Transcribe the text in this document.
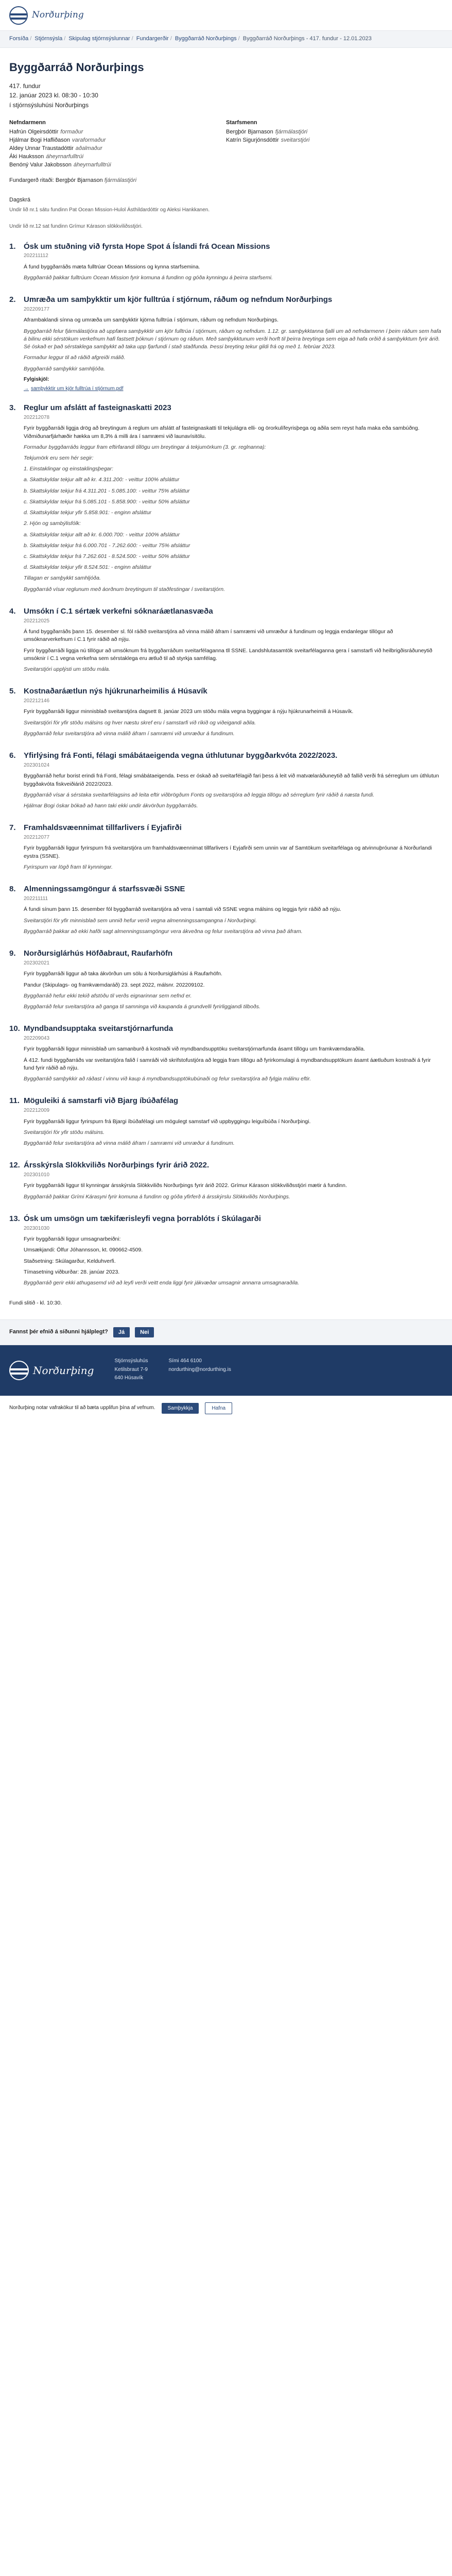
Norðurþing
Forsíða / Stjórnsýsla / Skipulag stjórnsýslunnar / Fundargerðir / Byggðarráð Norðurþings / Byggðarráð Norðurþings - 417. fundur - 12.01.2023
Byggðarráð Norðurþings
417. fundur
12. janúar 2023 kl. 08:30 - 10:30
í stjórnsýsluhúsi Norðurþings
Nefndarmenn
Hafrún Olgeirsdóttir formaður
Hjálmar Bogi Hafliðason varaformaður
Aldey Unnar Traustadóttir aðalmaður
Áki Hauksson áheyrnarfulltrúi
Benóný Valur Jakobsson áheyrnarfulltrúi
Starfsmenn
Bergþór Bjarnason fjármálastjóri
Katrín Sigurjónsdóttir sveitarstjóri
Fundargerð ritaði: Bergþór Bjarnason fjármálastjóri
Dagskrá
Undir lið nr.1 sátu fundinn Pat Ocean Mission-Hulol Ásthildardóttir og Aleksi Hankkanen.
Undir lið nr.12 sat fundinn Grímur Kárason slökkviliðsstjóri.
1.	Ósk um stuðning við fyrsta Hope Spot á Íslandi frá Ocean Missions
202211112
Á fund byggðarráðs mæta fulltrúar Ocean Missions og kynna starfsemina.
Byggðarráð þakkar fulltrúum Ocean Mission fyrir komuna á fundinn og góða kynningu á þeirra starfsemi.
2.	Umræða um samþykktir um kjör fulltrúa í stjórnum, ráðum og nefndum Norðurþings
202209177
Aframbaklandi sínna og umræða um samþykktir kjörna fulltrúa í stjórnum, ráðum og nefndum Norðurþings.
Byggðarráð felur fjármálastjóra að uppfæra samþykktir um kjör fulltrúa í stjórnum, ráðum og nefndum. 1.12. gr. samþykktanna fjalli um að nefndarmenn í þeim ráðum sem hafa á bilinu ekki sérstökum verkefnum hafi fastsett þóknun í stjórnum og ráðum. Með samþykktunum verði horft til þeirra breytinga sem eiga að hafa orðið á samþykktum fyrir árið. Sé óskað er það sérstaklega samþykkt að taka upp fjarfundi í stað staðfunda. Þessi breyting tekur gildi frá og með 1. febrúar 2023.
Formaður leggur til að ráðið afgreiði málið.
Byggðarráð samþykkir samhljóða.
Fylgiskjöl:
→ samþykktir um kjör fulltrúa í stjórnum.pdf
3.	Reglur um afslátt af fasteignaskatti 2023
202212078
Fyrir byggðarráði liggja drög að breytingum á reglum um afslátt af fasteignaskatti til tekjulágra elli- og örorkulífeyrisþega og aðila sem reyst hafa maka eða sambúðng. Viðmiðunarfjárhæðir hækka um 8,3% á milli ára í samræmi við launavísitölu.
Formaður byggðarráðs leggur fram eftirfarandi tillögu um breytingar á tekjumörkum (3. gr. reglnanna):
Tekjumörk eru sem hér segir:
1. Einstaklingar og einstaklingsþegar:
a. Skattskyldar tekjur allt að kr. 4.311.200: - veittur 100% afsláttur
b. Skattskyldar tekjur frá 4.311.201 - 5.085.100: - veittur 75% afsláttur
c. Skattskyldar tekjur frá 5.085.101 - 5.858.900: - veittur 50% afsláttur
d. Skattskyldar tekjur yfir 5.858.901: - enginn afsláttur
2. Hjón og sambýlisfólk:
a. Skattskyldar tekjur allt að kr. 6.000.700: - veittur 100% afsláttur
b. Skattskyldar tekjur frá 6.000.701 - 7.262.600: - veittur 75% afsláttur
c. Skattskyldar tekjur frá 7.262.601 - 8.524.500: - veittur 50% afsláttur
d. Skattskyldar tekjur yfir 8.524.501: - enginn afsláttur
Tillagan er samþykkt samhljóða.
Byggðarráð vísar reglunum með áorðnum breytingum til staðfestingar í sveitarstjórn.
4.	Umsókn í C.1 sértæk verkefni sóknaráætlanasvæða
202212025
Á fund byggðarráðs þann 15. desember sl. fól ráðið sveitarstjóra að vinna málið áfram í samræmi við umræður á fundinum og leggja endanlegar tillögur að umsóknarverkefnum í C.1 fyrir ráðið að nýju.
Fyrir byggðarráði liggja nú tillögur að umsóknum frá byggðarráðum sveitarfélaganna tll SSNE. Landshlutasamtök sveitarfélaganna gera í samstarfi við heilbrigðisráðuneytið umsóknir í C.1 vegna verkefna sem sérstaklega eru ætluð til að styrkja samfélag.
Sveitarstjóri upplýsti um stöðu mála.
5.	Kostnaðaráætlun nýs hjúkrunarheimilis á Húsavík
202212146
Fyrir byggðarráði liggur minnisblað sveitarstjóra dagsett 8. janúar 2023 um stöðu mála vegna byggingar á nýju hjúkrunarheimili á Húsavík.
Sveitarstjóri fór yfir stöðu málsins og hver næstu skref eru í samstarfi við ríkið og viðeigandi aðila.
Byggðarráð felur sveitarstjóra að vinna málið áfram í samræmi við umræður á fundinum.
6.	Yfirlýsing frá Fonti, félagi smábátaeigenda vegna úthlutunar byggðarkvóta 2022/2023.
202301024
Byggðarráð hefur borist erindi frá Fonti, félagi smábátaeigenda. Þess er óskað að sveitarfélagið fari þess á leit við matvælaráðuneytið að fallið verði frá sérreglum um úthlutun byggðakvóta fiskveiðiárið 2022/2023.
Byggðarráð vísar á sérstaka sveitarfélagsins að leita eftir viðbrögðum Fonts og sveitarstjóra að leggja tillögu að sérreglum fyrir ráðið á næsta fundi.
Hjálmar Bogi óskar bókað að hann taki ekki undir ákvörðun byggðarráðs.
7.	Framhaldsvæennimat tillfarlivers í Eyjafirði
202212077
Fyrir byggðarráði liggur fyrirspurn frá sveitarstjóra um framhaldsvæennimat tillfarlivers í Eyjafirði sem unnin var af Samtökum sveitarfélaga og atvinnuþróunar á Norðurlandi eystra (SSNE).
Fyrirspurn var lögð fram til kynningar.
8.	Almenningssamgöngur á starfssvæði SSNE
202211111
Á fundi sínum þann 15. desember fól byggðarráð sveitarstjóra að vera í samtali við SSNE vegna málsins og leggja fyrir ráðið að nýju.
Sveitarstjóri fór yfir minnisblað sem unnið hefur verið vegna almenningssamgangna í Norðurþingi.
Byggðarráð þakkar að ekki hafði sagt almenningssamgöngur vera ákveðna og felur sveitarstjóra að vinna það áfram.
9.	Norðursiglárhús Höfðabraut, Raufarhöfn
202302021
Fyrir byggðarráði liggur að taka ákvörðun um sölu á Norðursiglárhúsi á Raufarhöfn.
Pandur (Skipulags- og framkvæmdaráð) 23. sept 2022, málsnr. 202209102.
Byggðarráð hefur ekki tekið afstöðu til verðs eignarinnar sem nefnd er.
Byggðarráð felur sveitarstjóra að ganga til samninga við kaupanda á grundvelli fyrirliggjandi tilboðs.
10. Myndbandsupptaka sveitarstjórnarfunda
202209043
Fyrir byggðarráði liggur minnisblað um samanburð á kostnaði við myndbandsupptöku sveitarstjórnarfunda ásamt tillögu um framkvæmdaraðila.
Á 412. fundi byggðarráðs var sveitarstjóra falið í samráði við skrifstofustjóra að leggja fram tillögu að fyrirkomulagi á myndbandsupptökum ásamt áætluðum kostnaði á fyrir fund fyrir ráðið að nýju.
Byggðarráð samþykkir að ráðast í vinnu við kaup á myndbandsupptökubúnaði og felur sveitarstjóra að fylgja málinu eftir.
11. Möguleiki á samstarfi við Bjarg íbúðafélag
202212009
Fyrir byggðarráði liggur fyrirspurn frá Bjargi íbúðafélagi um mögulegt samstarf við uppbyggingu leiguíbúða í Norðurþingi.
Sveitarstjóri fór yfir stöðu málsins.
Byggðarráð felur sveitarstjóra að vinna málið áfram í samræmi við umræður á fundinum.
12. Ársskýrsla Slökkviliðs Norðurþings fyrir árið 2022.
202301010
Fyrir byggðarráði liggur til kynningar ársskýrsla Slökkviliðs Norðurþings fyrir árið 2022. Grímur Kárason slökkviliðsstjóri mætir á fundinn.
Byggðarráð þakkar Grími Kárasyni fyrir komuna á fundinn og góða yfirferð á ársskýrslu Slökkviliðs Norðurþings.
13. Ósk um umsögn um tækifærisleyfi vegna þorrablóts í Skúlagarði
202301030
Fyrir byggðarráði liggur umsagnarbeiðni:
Umsækjandi: Ölfur Jóhannsson, kt. 090662-4509.
Staðsetning: Skúlagarður, Kelduhverfi.
Tímasetning viðburðar: 28. janúar 2023.
Byggðarráð gerir ekki athugasemd við að leyfi verði veitt enda liggi fyrir jákvæðar umsagnir annarra umsagnaraðila.
Fundi slitið - kl. 10:30.
Fannst þér efnið á síðunni hjálplegt?	Já	Nei
Norðurþing
Stjórnsýsluhús
Ketilsbraut 7-9
640 Húsavík
Sími 464 6100
nordurthing@nordurthing.is
Norðurþing notar vafrakökur til að bæta upplifun þína af vefnum.	Samþykkja	Hafna
